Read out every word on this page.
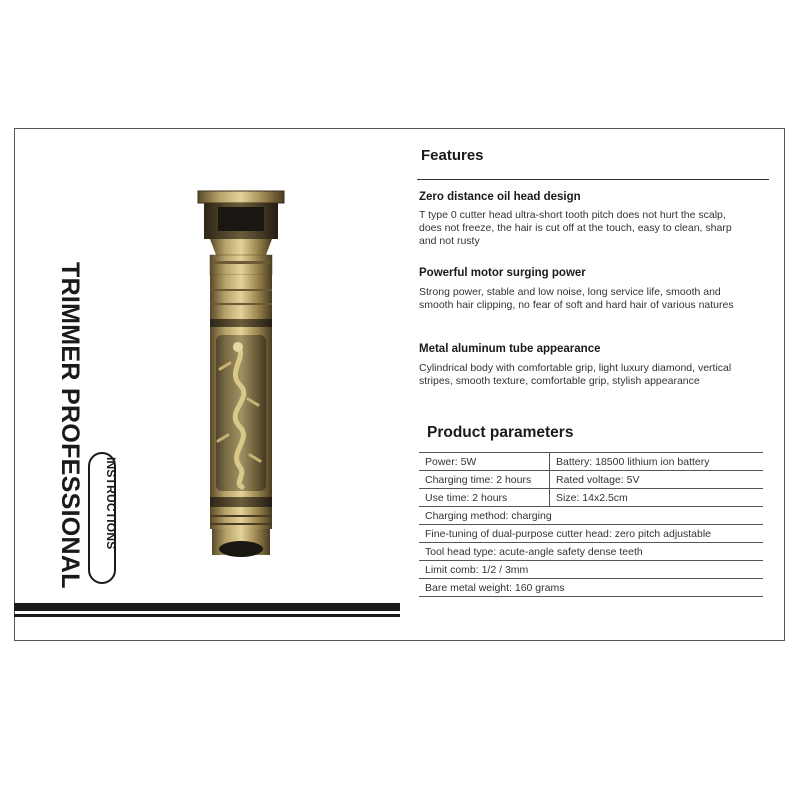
TRIMMER PROFESSIONAL INSTRUCTIONS
Features
Zero distance oil head design
T type 0 cutter head ultra-short tooth pitch does not hurt the scalp,
does not freeze, the hair is cut off at the touch, easy to clean, sharp
and not rusty
Powerful motor surging power
Strong power, stable and low noise, long service life, smooth and
smooth hair clipping, no fear of soft and hard hair of various natures
Metal aluminum tube appearance
Cylindrical body with comfortable grip, light luxury diamond, vertical
stripes, smooth texture, comfortable grip, stylish appearance
Product parameters
Power: 5W	Battery: 18500 lithium ion battery
Charging time: 2 hours	Rated voltage: 5V
Use time: 2 hours	Size: 14x2.5cm
Charging method: charging	
Fine-tuning of dual-purpose cutter head: zero pitch adjustable	
Tool head type: acute-angle safety dense teeth	
Limit comb: 1/2 / 3mm	
Bare metal weight: 160 grams	
